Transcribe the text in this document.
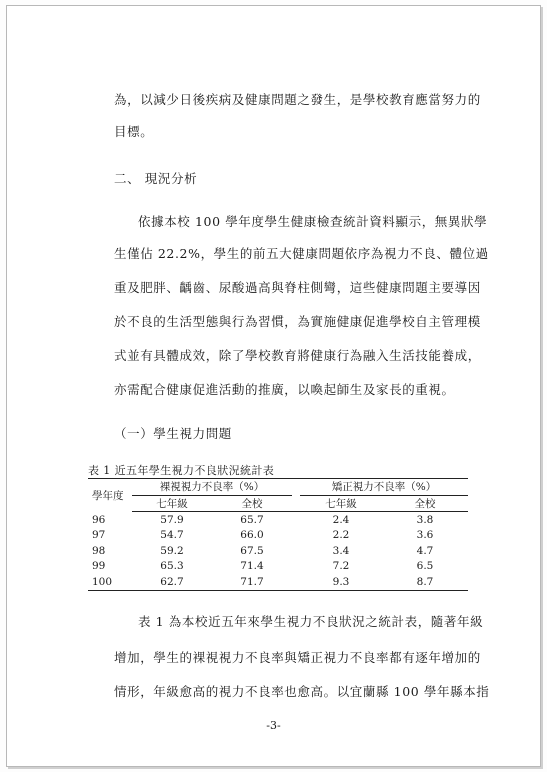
為，以減少日後疾病及健康問題之發生，是學校教育應當努力的
目標。
二、 現況分析
依據本校 100 學年度學生健康檢查統計資料顯示，無異狀學
生僅佔 22.2%，學生的前五大健康問題依序為視力不良、體位過
重及肥胖、齲齒、尿酸過高與脊柱側彎，這些健康問題主要導因
於不良的生活型態與行為習慣，為實施健康促進學校自主管理模
式並有具體成效，除了學校教育將健康行為融入生活技能養成，
亦需配合健康促進活動的推廣，以喚起師生及家長的重視。
（一）學生視力問題
表 1 近五年學生視力不良狀況統計表
學年度	裸視視力不良率（%）			矯正視力不良率（%）	
	七年級	全校		七年級	全校
96	57.9	65.7		2.4	3.8
97	54.7	66.0		2.2	3.6
98	59.2	67.5		3.4	4.7
99	65.3	71.4		7.2	6.5
100	62.7	71.7		9.3	8.7
表 1 為本校近五年來學生視力不良狀況之統計表，隨著年級
增加，學生的裸視視力不良率與矯正視力不良率都有逐年增加的
情形，年級愈高的視力不良率也愈高。以宜蘭縣 100 學年縣本指
-3-
